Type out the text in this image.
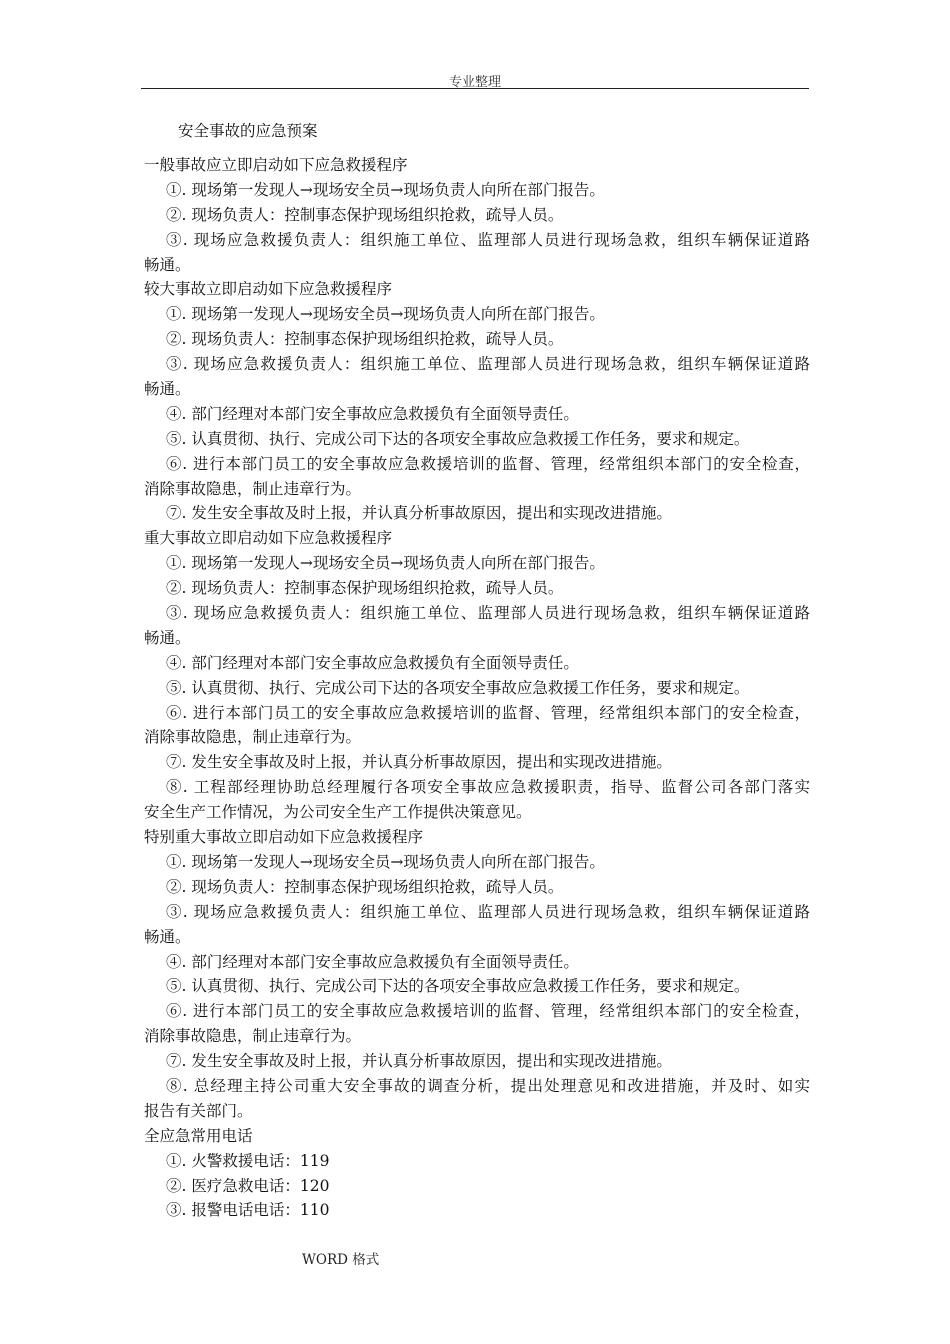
专业整理
安全事故的应急预案
一般事故应立即启动如下应急救援程序
①. 现场第一发现人→现场安全员→现场负责人向所在部门报告。
②. 现场负责人：控制事态保护现场组织抢救，疏导人员。
③. 现场应急救援负责人：组织施工单位、监理部人员进行现场急救，组织车辆保证道路
畅通。
较大事故立即启动如下应急救援程序
①. 现场第一发现人→现场安全员→现场负责人向所在部门报告。
②. 现场负责人：控制事态保护现场组织抢救，疏导人员。
③. 现场应急救援负责人：组织施工单位、监理部人员进行现场急救，组织车辆保证道路
畅通。
④. 部门经理对本部门安全事故应急救援负有全面领导责任。
⑤. 认真贯彻、执行、完成公司下达的各项安全事故应急救援工作任务，要求和规定。
⑥. 进行本部门员工的安全事故应急救援培训的监督、管理，经常组织本部门的安全检查，
消除事故隐患，制止违章行为。
⑦. 发生安全事故及时上报，并认真分析事故原因，提出和实现改进措施。
重大事故立即启动如下应急救援程序
①. 现场第一发现人→现场安全员→现场负责人向所在部门报告。
②. 现场负责人：控制事态保护现场组织抢救，疏导人员。
③. 现场应急救援负责人：组织施工单位、监理部人员进行现场急救，组织车辆保证道路
畅通。
④. 部门经理对本部门安全事故应急救援负有全面领导责任。
⑤. 认真贯彻、执行、完成公司下达的各项安全事故应急救援工作任务，要求和规定。
⑥. 进行本部门员工的安全事故应急救援培训的监督、管理，经常组织本部门的安全检查，
消除事故隐患，制止违章行为。
⑦. 发生安全事故及时上报，并认真分析事故原因，提出和实现改进措施。
⑧. 工程部经理协助总经理履行各项安全事故应急救援职责，指导、监督公司各部门落实
安全生产工作情况，为公司安全生产工作提供决策意见。
特别重大事故立即启动如下应急救援程序
①. 现场第一发现人→现场安全员→现场负责人向所在部门报告。
②. 现场负责人：控制事态保护现场组织抢救，疏导人员。
③. 现场应急救援负责人：组织施工单位、监理部人员进行现场急救，组织车辆保证道路
畅通。
④. 部门经理对本部门安全事故应急救援负有全面领导责任。
⑤. 认真贯彻、执行、完成公司下达的各项安全事故应急救援工作任务，要求和规定。
⑥. 进行本部门员工的安全事故应急救援培训的监督、管理，经常组织本部门的安全检查，
消除事故隐患，制止违章行为。
⑦. 发生安全事故及时上报，并认真分析事故原因，提出和实现改进措施。
⑧. 总经理主持公司重大安全事故的调查分析，提出处理意见和改进措施，并及时、如实
报告有关部门。
全应急常用电话
①. 火警救援电话：119
②. 医疗急救电话：120
③. 报警电话电话：110
WORD 格式
